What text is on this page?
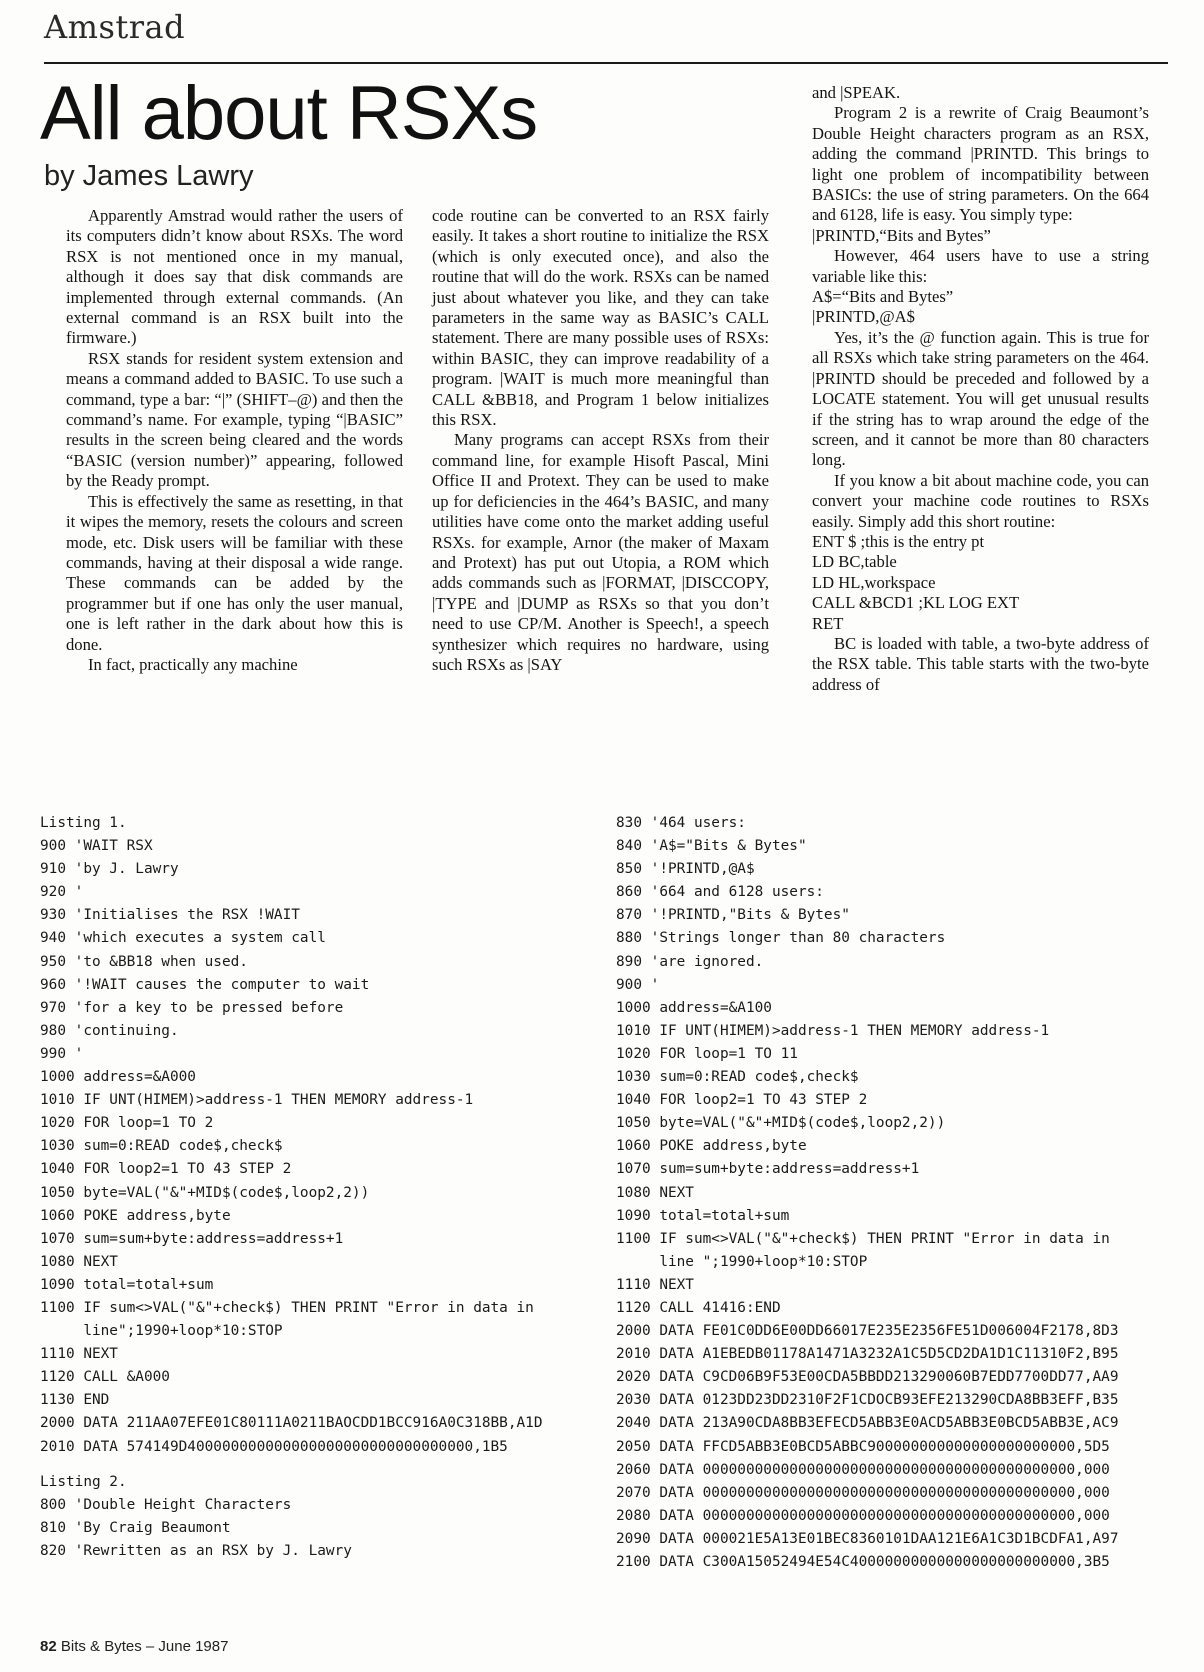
Amstrad
All about RSXs
by James Lawry

Apparently Amstrad would rather the users of its computers didn’t know about RSXs. The word RSX is not mentioned once in my manual, although it does say that disk commands are implemented through external commands. (An external command is an RSX built into the firmware.)

RSX stands for resident system extension and means a command added to BASIC. To use such a command, type a bar: “|” (SHIFT–@) and then the command’s name. For example, typing “|BASIC” results in the screen being cleared and the words “BASIC (version number)” appearing, followed by the Ready prompt.

This is effectively the same as resetting, in that it wipes the memory, resets the colours and screen mode, etc. Disk users will be familiar with these commands, having at their disposal a wide range. These commands can be added by the programmer but if one has only the user manual, one is left rather in the dark about how this is done.

In fact, practically any machine

code routine can be converted to an RSX fairly easily. It takes a short routine to initialize the RSX (which is only executed once), and also the routine that will do the work. RSXs can be named just about whatever you like, and they can take parameters in the same way as BASIC’s CALL statement. There are many possible uses of RSXs: within BASIC, they can improve readability of a program. |WAIT is much more meaningful than CALL &BB18, and Program 1 below initializes this RSX.

Many programs can accept RSXs from their command line, for example Hisoft Pascal, Mini Office II and Protext. They can be used to make up for deficiencies in the 464’s BASIC, and many utilities have come onto the market adding useful RSXs. for example, Arnor (the maker of Maxam and Protext) has put out Utopia, a ROM which adds commands such as |FORMAT, |DISCCOPY, |TYPE and |DUMP as RSXs so that you don’t need to use CP/M. Another is Speech!, a speech synthesizer which requires no hardware, using such RSXs as |SAY

and |SPEAK.

Program 2 is a rewrite of Craig Beaumont’s Double Height characters program as an RSX, adding the command |PRINTD. This brings to light one problem of incompatibility between BASICs: the use of string parameters. On the 664 and 6128, life is easy. You simply type:

|PRINTD,“Bits and Bytes”

However, 464 users have to use a string variable like this:

A$=“Bits and Bytes”

|PRINTD,@A$

Yes, it’s the @ function again. This is true for all RSXs which take string parameters on the 464. |PRINTD should be preceded and followed by a LOCATE statement. You will get unusual results if the string has to wrap around the edge of the screen, and it cannot be more than 80 characters long.

If you know a bit about machine code, you can convert your machine code routines to RSXs easily. Simply add this short routine:

ENT $ ;this is the entry pt

LD BC,table

LD HL,workspace

CALL &BCD1 ;KL LOG EXT

RET

BC is loaded with table, a two-byte address of the RSX table. This table starts with the two-byte address of

Listing 1.
900 'WAIT RSX
910 'by J. Lawry
920 '
930 'Initialises the RSX !WAIT
940 'which executes a system call
950 'to &BB18 when used.
960 '!WAIT causes the computer to wait
970 'for a key to be pressed before
980 'continuing.
990 '
1000 address=&A000
1010 IF UNT(HIMEM)>address-1 THEN MEMORY address-1
1020 FOR loop=1 TO 2
1030 sum=0:READ code$,check$
1040 FOR loop2=1 TO 43 STEP 2
1050 byte=VAL("&"+MID$(code$,loop2,2))
1060 POKE address,byte
1070 sum=sum+byte:address=address+1
1080 NEXT
1090 total=total+sum
1100 IF sum<>VAL("&"+check$) THEN PRINT "Error in data in
line";1990+loop*10:STOP
1110 NEXT
1120 CALL &A000
1130 END
2000 DATA 211AA07EFE01C80111A0211BAOCDD1BCC916A0C318BB,A1D
2010 DATA 574149D400000000000000000000000000000000,1B5
Listing 2.
800 'Double Height Characters
810 'By Craig Beaumont
820 'Rewritten as an RSX by J. Lawry
830 '464 users:
840 'A$="Bits & Bytes"
850 '!PRINTD,@A$
860 '664 and 6128 users:
870 '!PRINTD,"Bits & Bytes"
880 'Strings longer than 80 characters
890 'are ignored.
900 '
1000 address=&A100
1010 IF UNT(HIMEM)>address-1 THEN MEMORY address-1
1020 FOR loop=1 TO 11
1030 sum=0:READ code$,check$
1040 FOR loop2=1 TO 43 STEP 2
1050 byte=VAL("&"+MID$(code$,loop2,2))
1060 POKE address,byte
1070 sum=sum+byte:address=address+1
1080 NEXT
1090 total=total+sum
1100 IF sum<>VAL("&"+check$) THEN PRINT "Error in data in
line ";1990+loop*10:STOP
1110 NEXT
1120 CALL 41416:END
2000 DATA FE01C0DD6E00DD66017E235E2356FE51D006004F2178,8D3
2010 DATA A1EBEDB01178A1471A3232A1C5D5CD2DA1D1C11310F2,B95
2020 DATA C9CD06B9F53E00CDA5BBDD213290060B7EDD7700DD77,AA9
2030 DATA 0123DD23DD2310F2F1CDOCB93EFE213290CDA8BB3EFF,B35
2040 DATA 213A90CDA8BB3EFECD5ABB3E0ACD5ABB3E0BCD5ABB3E,AC9
2050 DATA FFCD5ABB3E0BCD5ABBC900000000000000000000000,5D5
2060 DATA 0000000000000000000000000000000000000000000,000
2070 DATA 0000000000000000000000000000000000000000000,000
2080 DATA 0000000000000000000000000000000000000000000,000
2090 DATA 000021E5A13E01BEC8360101DAA121E6A1C3D1BCDFA1,A97
2100 DATA C300A15052494E54C40000000000000000000000000,3B5
82 Bits & Bytes – June 1987
